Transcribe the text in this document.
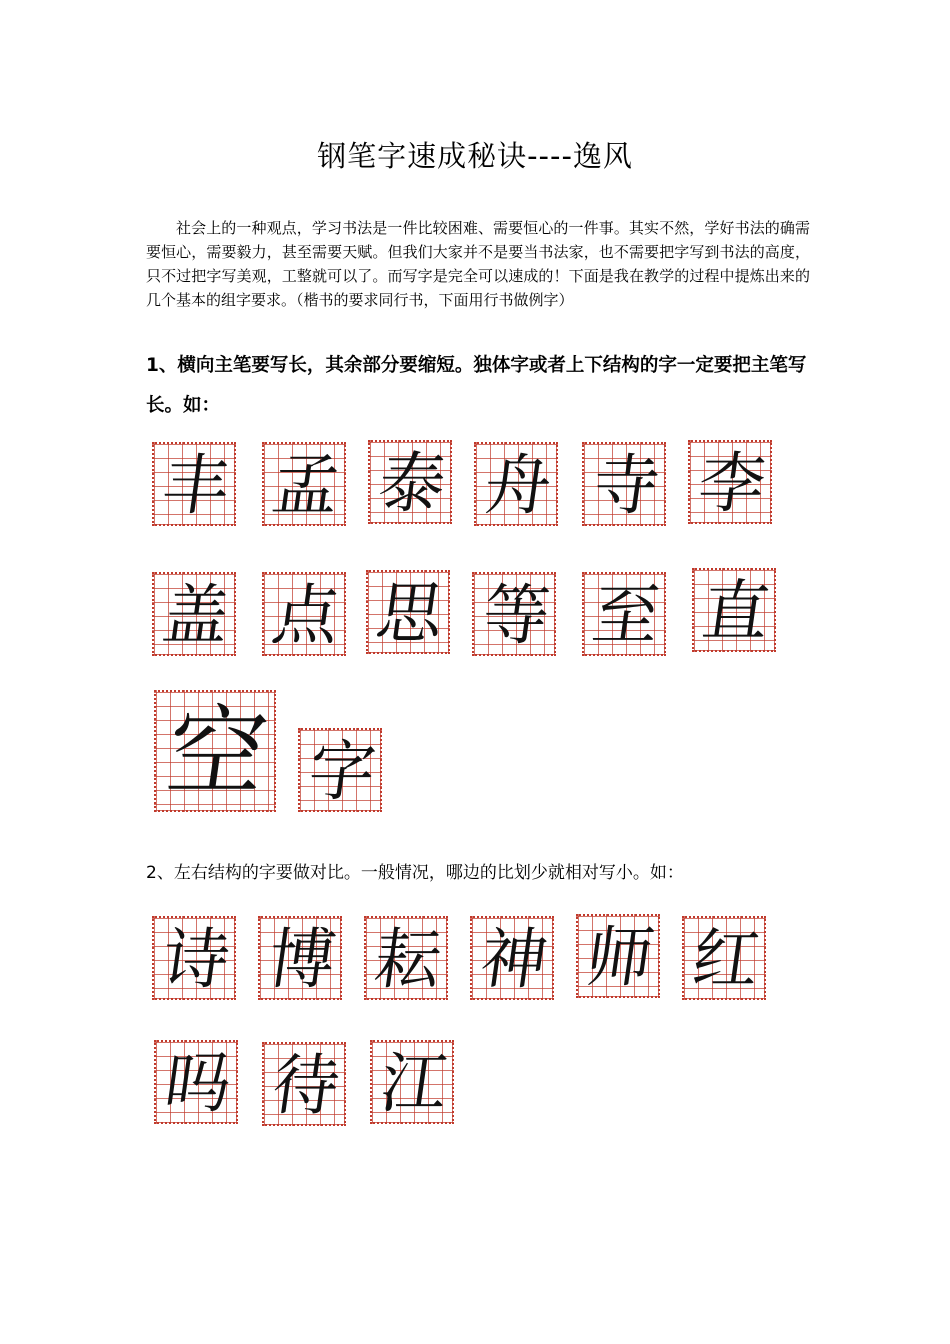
钢笔字速成秘诀----逸风
社会上的一种观点，学习书法是一件比较困难、需要恒心的一件事。其实不然，学好书法的确需要恒心，需要毅力，甚至需要天赋。但我们大家并不是要当书法家，也不需要把字写到书法的高度，只不过把字写美观，工整就可以了。而写字是完全可以速成的！下面是我在教学的过程中提炼出来的几个基本的组字要求。（楷书的要求同行书，下面用行书做例字）
1、横向主笔要写长，其余部分要缩短。独体字或者上下结构的字一定要把主笔写长。如：
丰 孟 泰 舟 寺 李
盖 点 思 等 至 直
空 字
2、左右结构的字要做对比。一般情况，哪边的比划少就相对写小。如：
诗 博 耘 神 师 红
吗 待 江
